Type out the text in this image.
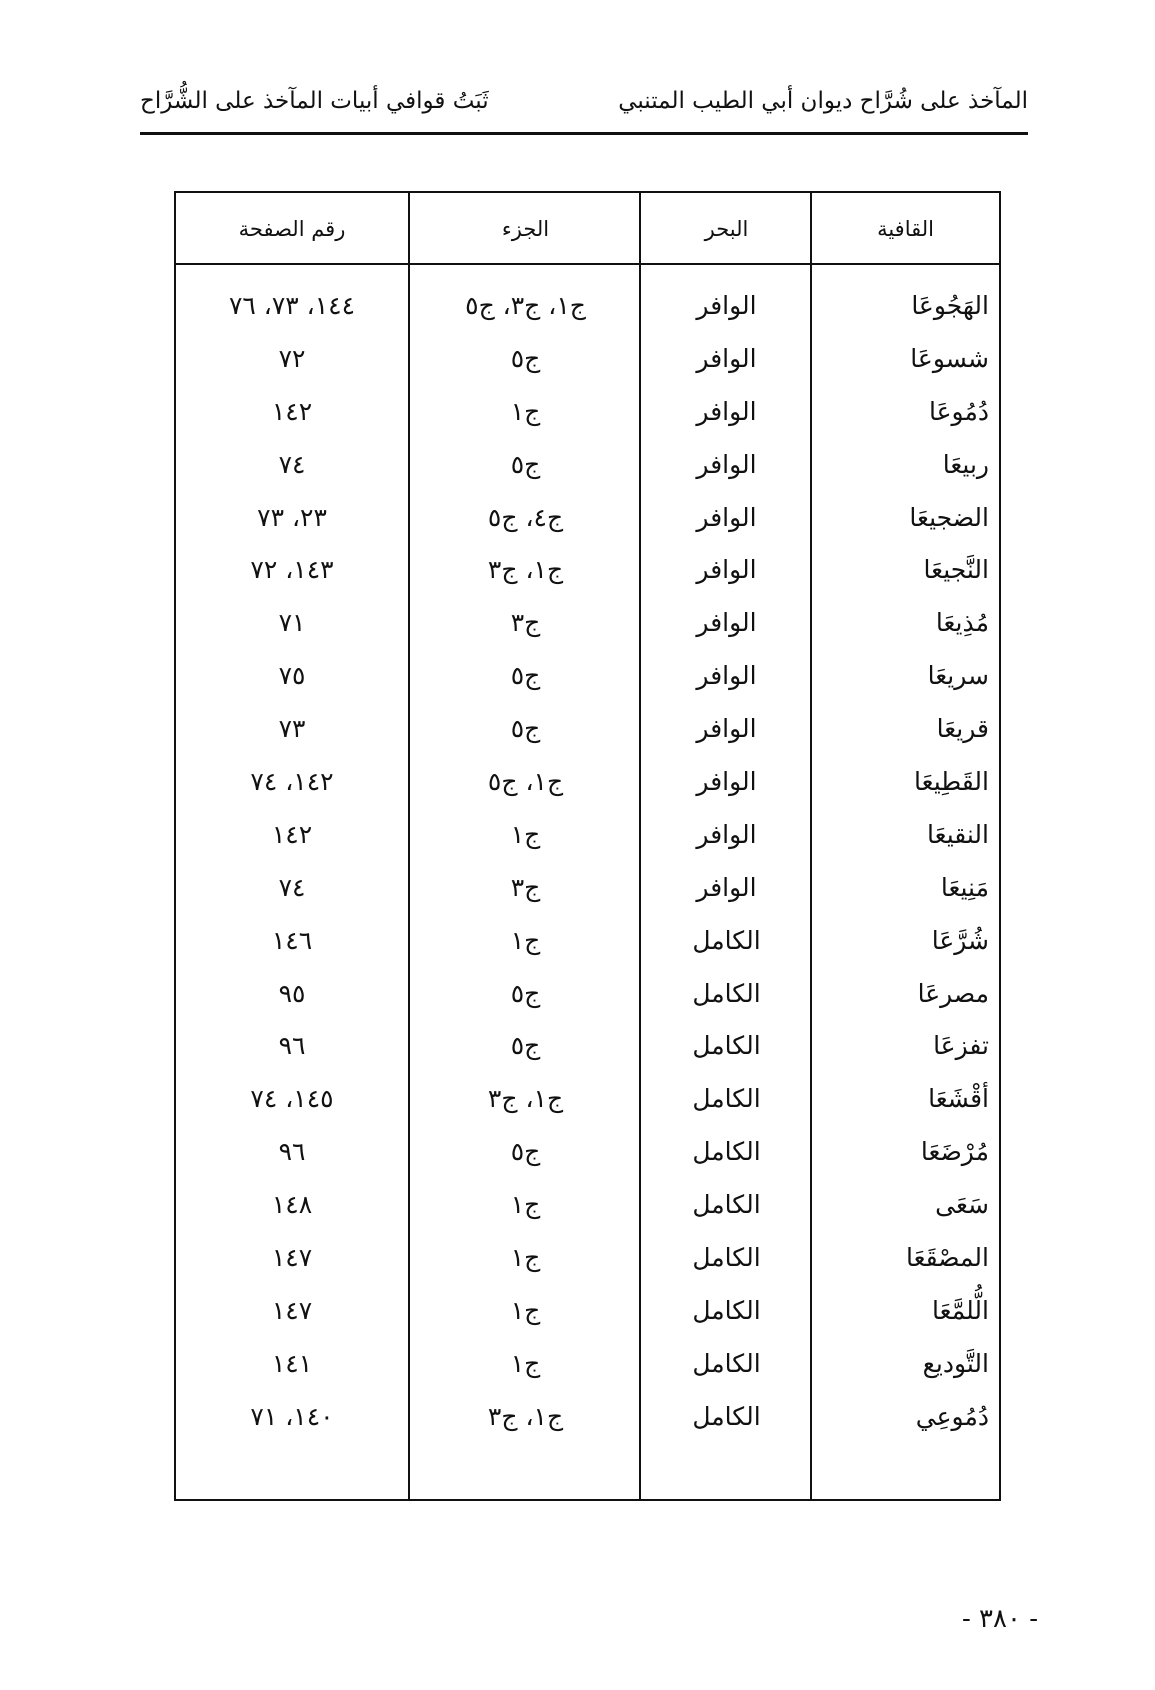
المآخذ على شُرَّاح ديوان أبي الطيب المتنبي
ثَبَتُ قوافي أبيات المآخذ على الشُّرَّاح
القافية
البحر
الجزء
رقم الصفحة
الهَجُوعَا
الوافر
ج١، ج٣، ج٥
١٤٤، ٧٣، ٧٦
شسوعَا
الوافر
ج٥
٧٢
دُمُوعَا
الوافر
ج١
١٤٢
ربيعَا
الوافر
ج٥
٧٤
الضجيعَا
الوافر
ج٤، ج٥
٢٣، ٧٣
النَّجيعَا
الوافر
ج١، ج٣
١٤٣، ٧٢
مُذِيعَا
الوافر
ج٣
٧١
سريعَا
الوافر
ج٥
٧٥
قريعَا
الوافر
ج٥
٧٣
القَطِيعَا
الوافر
ج١، ج٥
١٤٢، ٧٤
النقيعَا
الوافر
ج١
١٤٢
مَنِيعَا
الوافر
ج٣
٧٤
شُرَّعَا
الكامل
ج١
١٤٦
مصرعَا
الكامل
ج٥
٩٥
تفزعَا
الكامل
ج٥
٩٦
أقْشَعَا
الكامل
ج١، ج٣
١٤٥، ٧٤
مُرْضَعَا
الكامل
ج٥
٩٦
سَعَى
الكامل
ج١
١٤٨
المصْقَعَا
الكامل
ج١
١٤٧
الُّلمَّعَا
الكامل
ج١
١٤٧
التَّوديع
الكامل
ج١
١٤١
دُمُوعِي
الكامل
ج١، ج٣
١٤٠، ٧١
- ٣٨٠ -
